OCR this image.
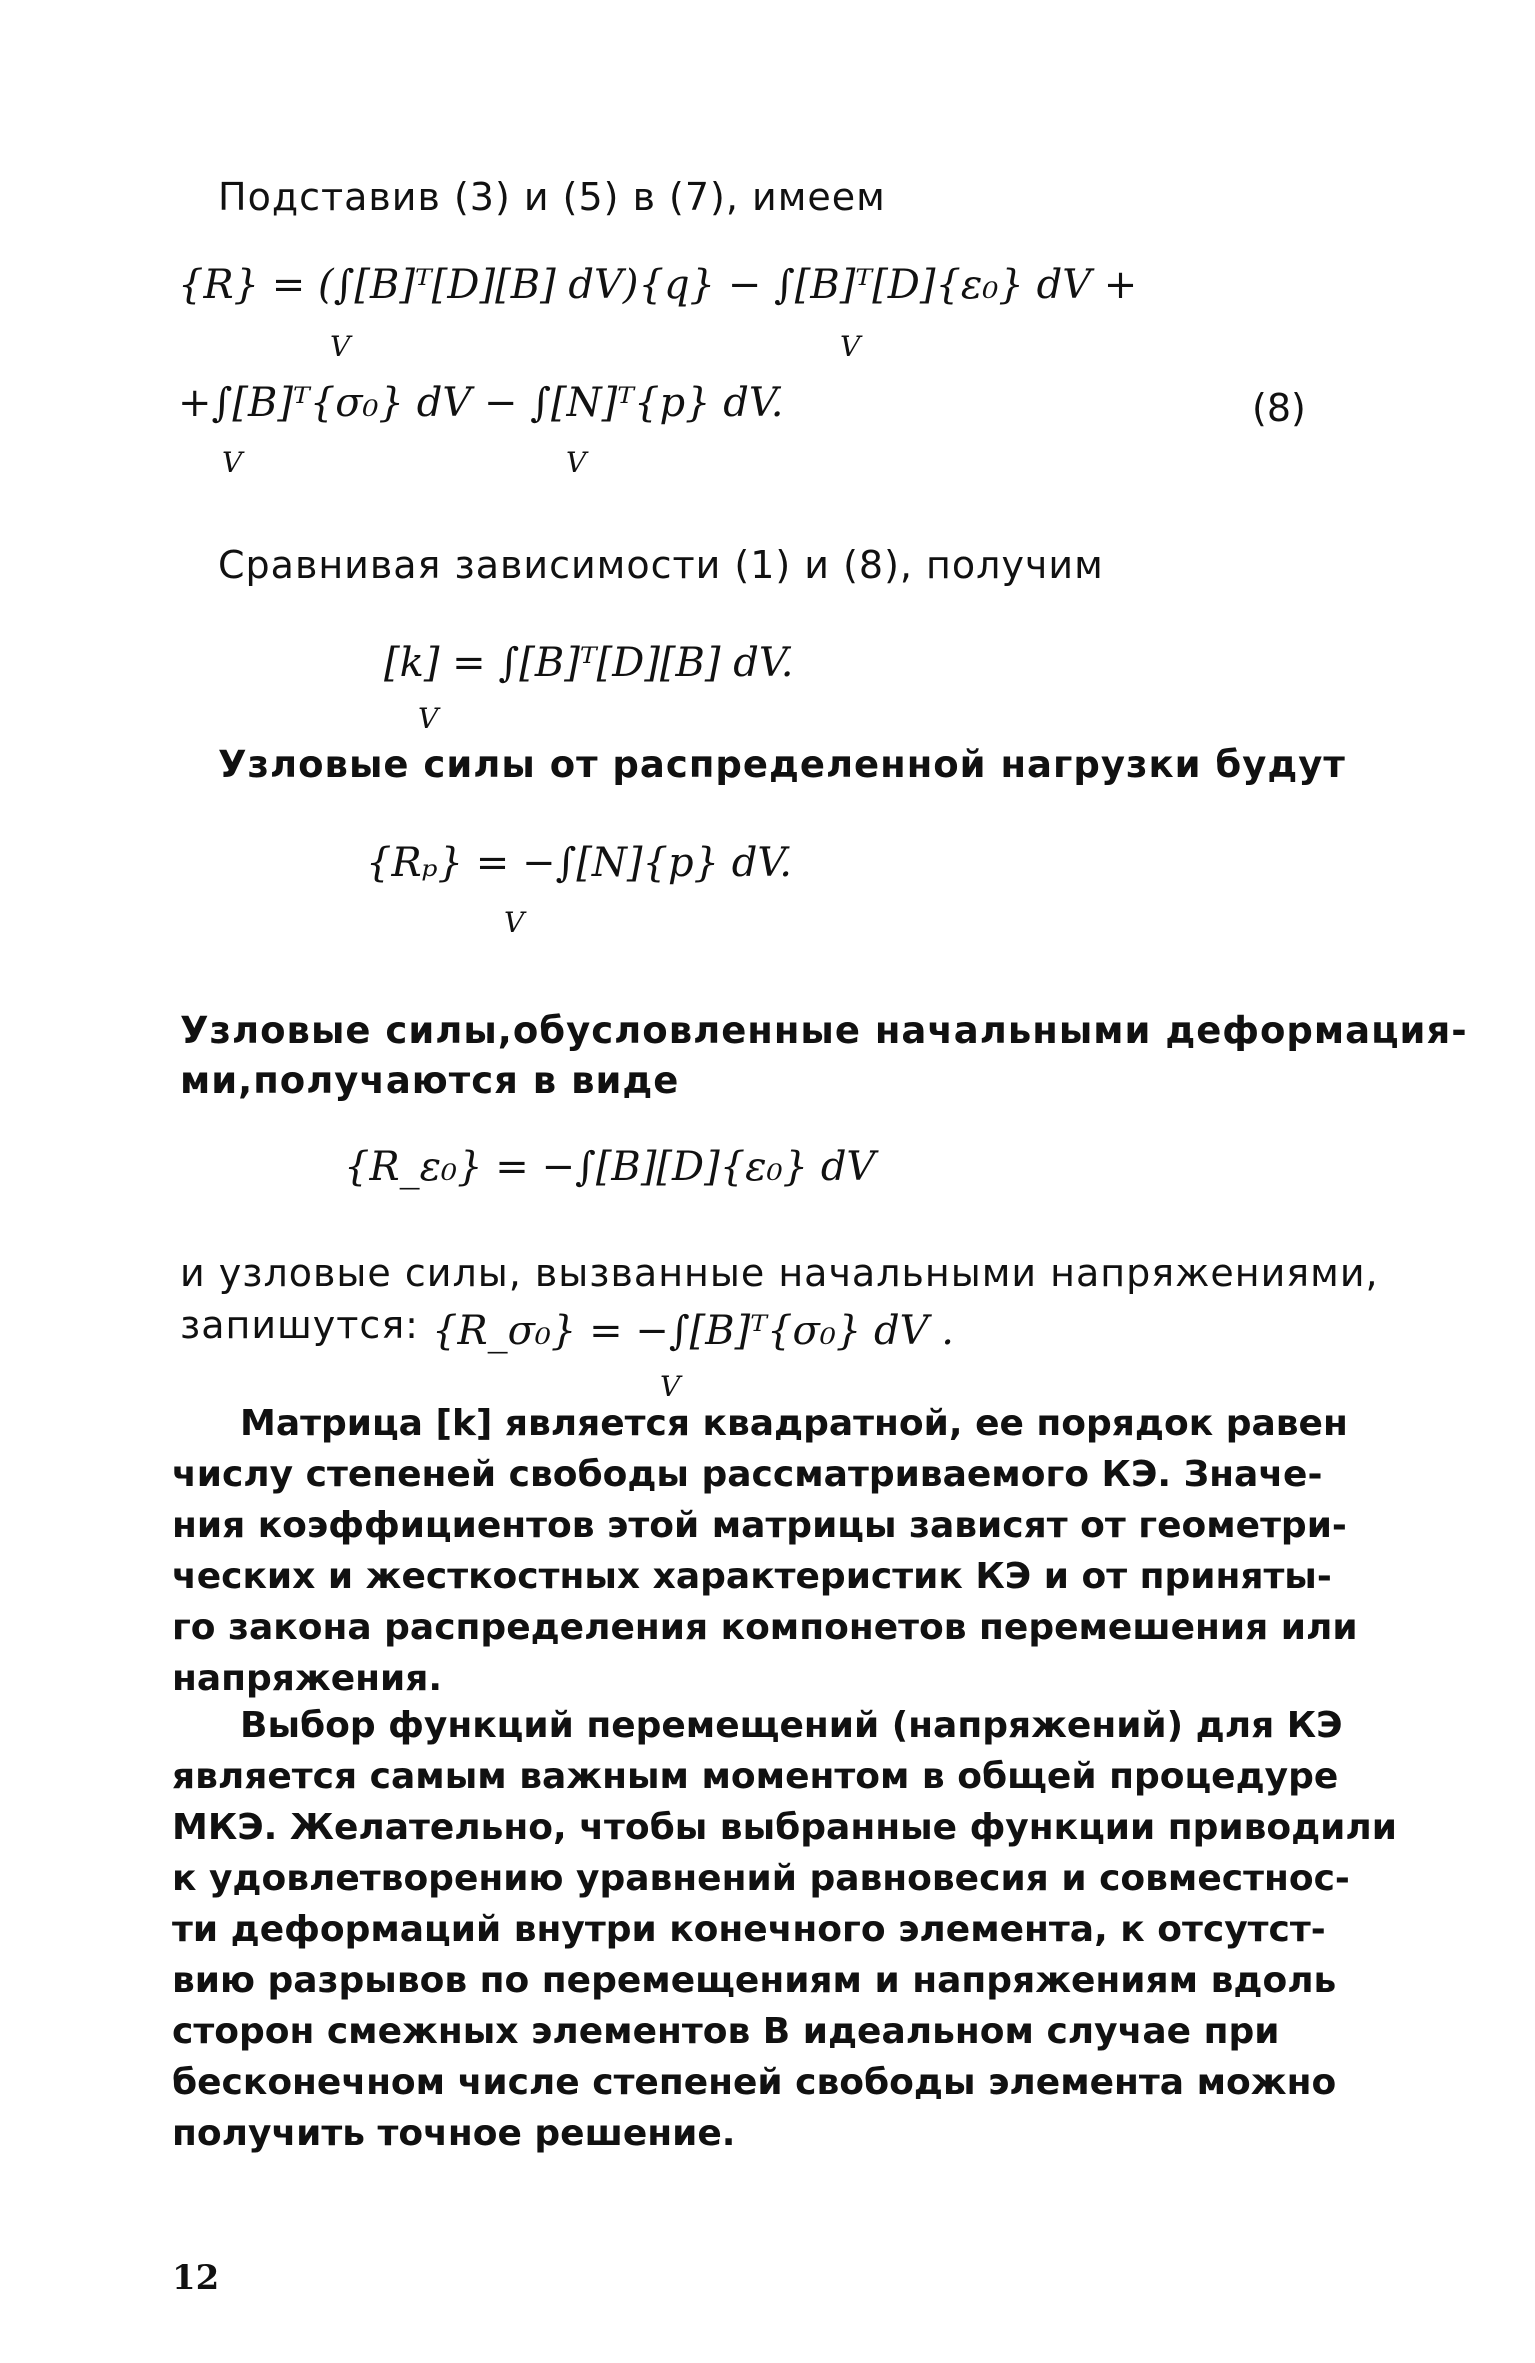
Подставив (3) и (5) в (7), имеем
{R} = (∫[B]ᵀ[D][B] dV){q} − ∫[B]ᵀ[D]{ε₀} dV +
V	V
+∫[B]ᵀ{σ₀} dV − ∫[N]ᵀ{p} dV.
V	V
(8)
Сравнивая зависимости (1) и (8), получим
[k] = ∫[B]ᵀ[D][B] dV.
V
Узловые силы от распределенной нагрузки будут
{Rₚ} = −∫[N]{p} dV.
V
Узловые силы,обусловленные начальными деформация-
ми,получаются в виде
{R_ε₀} = −∫[B][D]{ε₀} dV
и узловые силы, вызванные начальными напряжениями,
запишутся: {R_σ₀} = −∫[B]ᵀ{σ₀} dV .
V
Матрица [k] является квадратной, ее порядок равен
числу степеней свободы рассматриваемого КЭ. Значе-
ния коэффициентов этой матрицы зависят от геометри-
ческих и жесткостных характеристик КЭ и от приняты-
го закона распределения компонетов перемешения или
напряжения.
Выбор функций перемещений (напряжений) для КЭ
является самым важным моментом в общей процедуре
МКЭ. Желательно, чтобы выбранные функции приводили
к удовлетворению уравнений равновесия и совместнос-
ти деформаций внутри конечного элемента, к отсутст-
вию разрывов по перемещениям и напряжениям вдоль
сторон смежных элементов В идеальном случае при
бесконечном числе степеней свободы элемента можно
получить точное решение.
12
